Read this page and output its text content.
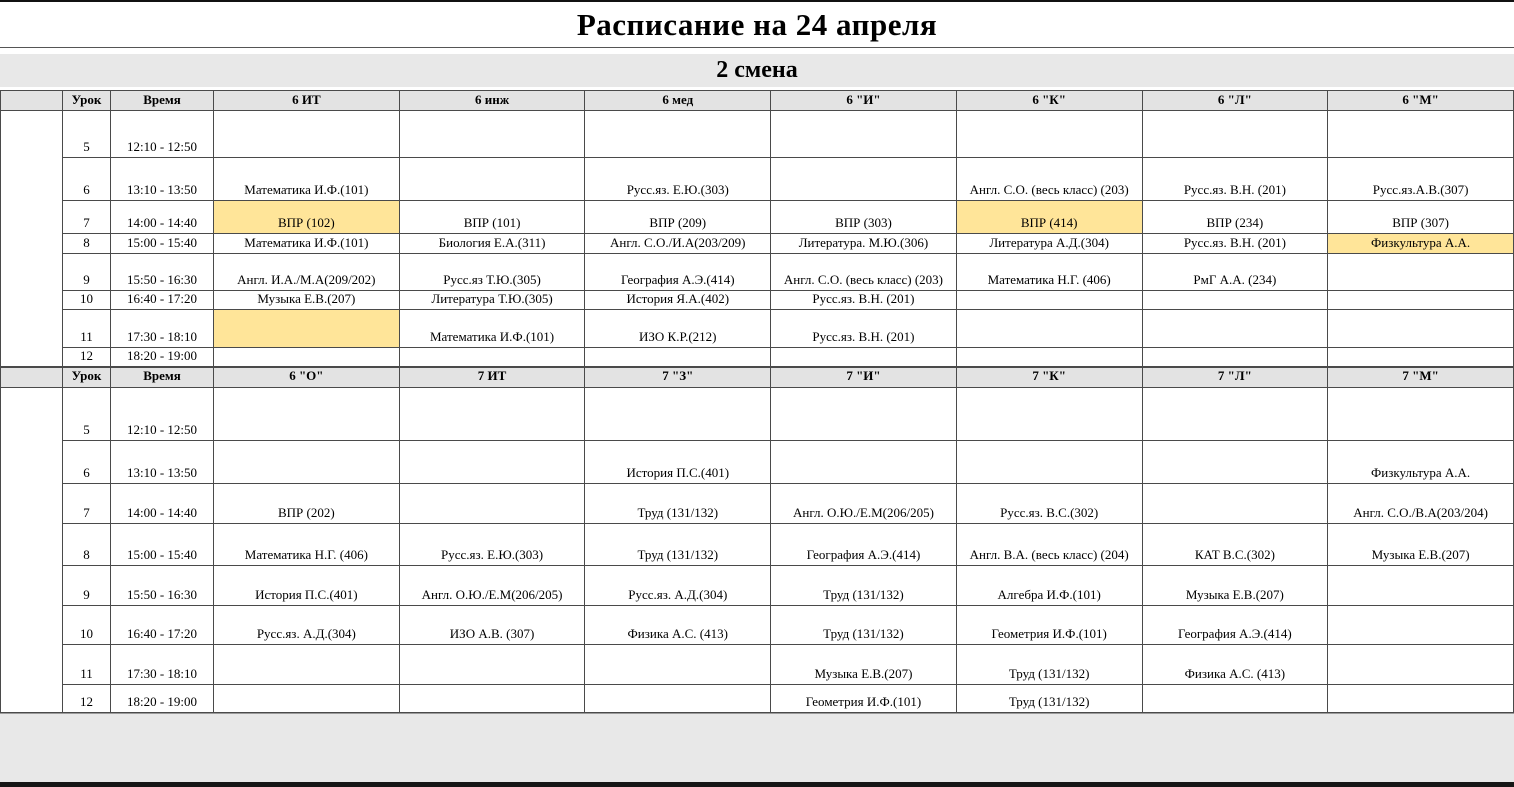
Расписание на 24 апреля
2 смена
	Урок	Время	6 ИТ	6 инж	6 мед	6 "И"	6 "К"	6 "Л"	6 "М"
	5	12:10 - 12:50							
	6	13:10 - 13:50	Математика И.Ф.(101)		Русс.яз. Е.Ю.(303)		Англ. С.О. (весь класс) (203)	Русс.яз. В.Н. (201)	Русс.яз.А.В.(307)
	7	14:00 - 14:40	ВПР (102)	ВПР (101)	ВПР (209)	ВПР (303)	ВПР (414)	ВПР (234)	ВПР (307)
	8	15:00 - 15:40	Математика И.Ф.(101)	Биология Е.А.(311)	Англ. С.О./И.А(203/209)	Литература. М.Ю.(306)	Литература А.Д.(304)	Русс.яз. В.Н. (201)	Физкультура А.А.
	9	15:50 - 16:30	Англ. И.А./М.А(209/202)	Русс.яз Т.Ю.(305)	География А.Э.(414)	Англ. С.О. (весь класс) (203)	Математика Н.Г. (406)	РмГ А.А. (234)	
	10	16:40 - 17:20	Музыка Е.В.(207)	Литература Т.Ю.(305)	История Я.А.(402)	Русс.яз. В.Н. (201)			
	11	17:30 - 18:10		Математика И.Ф.(101)	ИЗО К.Р.(212)	Русс.яз. В.Н. (201)			
	12	18:20 - 19:00							
	Урок	Время	6 "О"	7 ИТ	7 "З"	7 "И"	7 "К"	7 "Л"	7 "М"
	5	12:10 - 12:50							
	6	13:10 - 13:50			История П.С.(401)				Физкультура А.А.
	7	14:00 - 14:40	ВПР (202)		Труд (131/132)	Англ. О.Ю./Е.М(206/205)	Русс.яз. В.С.(302)		Англ. С.О./В.А(203/204)
	8	15:00 - 15:40	Математика Н.Г. (406)	Русс.яз. Е.Ю.(303)	Труд (131/132)	География А.Э.(414)	Англ. В.А. (весь класс) (204)	КАТ В.С.(302)	Музыка Е.В.(207)
	9	15:50 - 16:30	История П.С.(401)	Англ. О.Ю./Е.М(206/205)	Русс.яз. А.Д.(304)	Труд (131/132)	Алгебра И.Ф.(101)	Музыка Е.В.(207)	
	10	16:40 - 17:20	Русс.яз. А.Д.(304)	ИЗО А.В. (307)	Физика А.С. (413)	Труд (131/132)	Геометрия И.Ф.(101)	География А.Э.(414)	
	11	17:30 - 18:10				Музыка Е.В.(207)	Труд (131/132)	Физика А.С. (413)	
	12	18:20 - 19:00				Геометрия И.Ф.(101)	Труд (131/132)		
